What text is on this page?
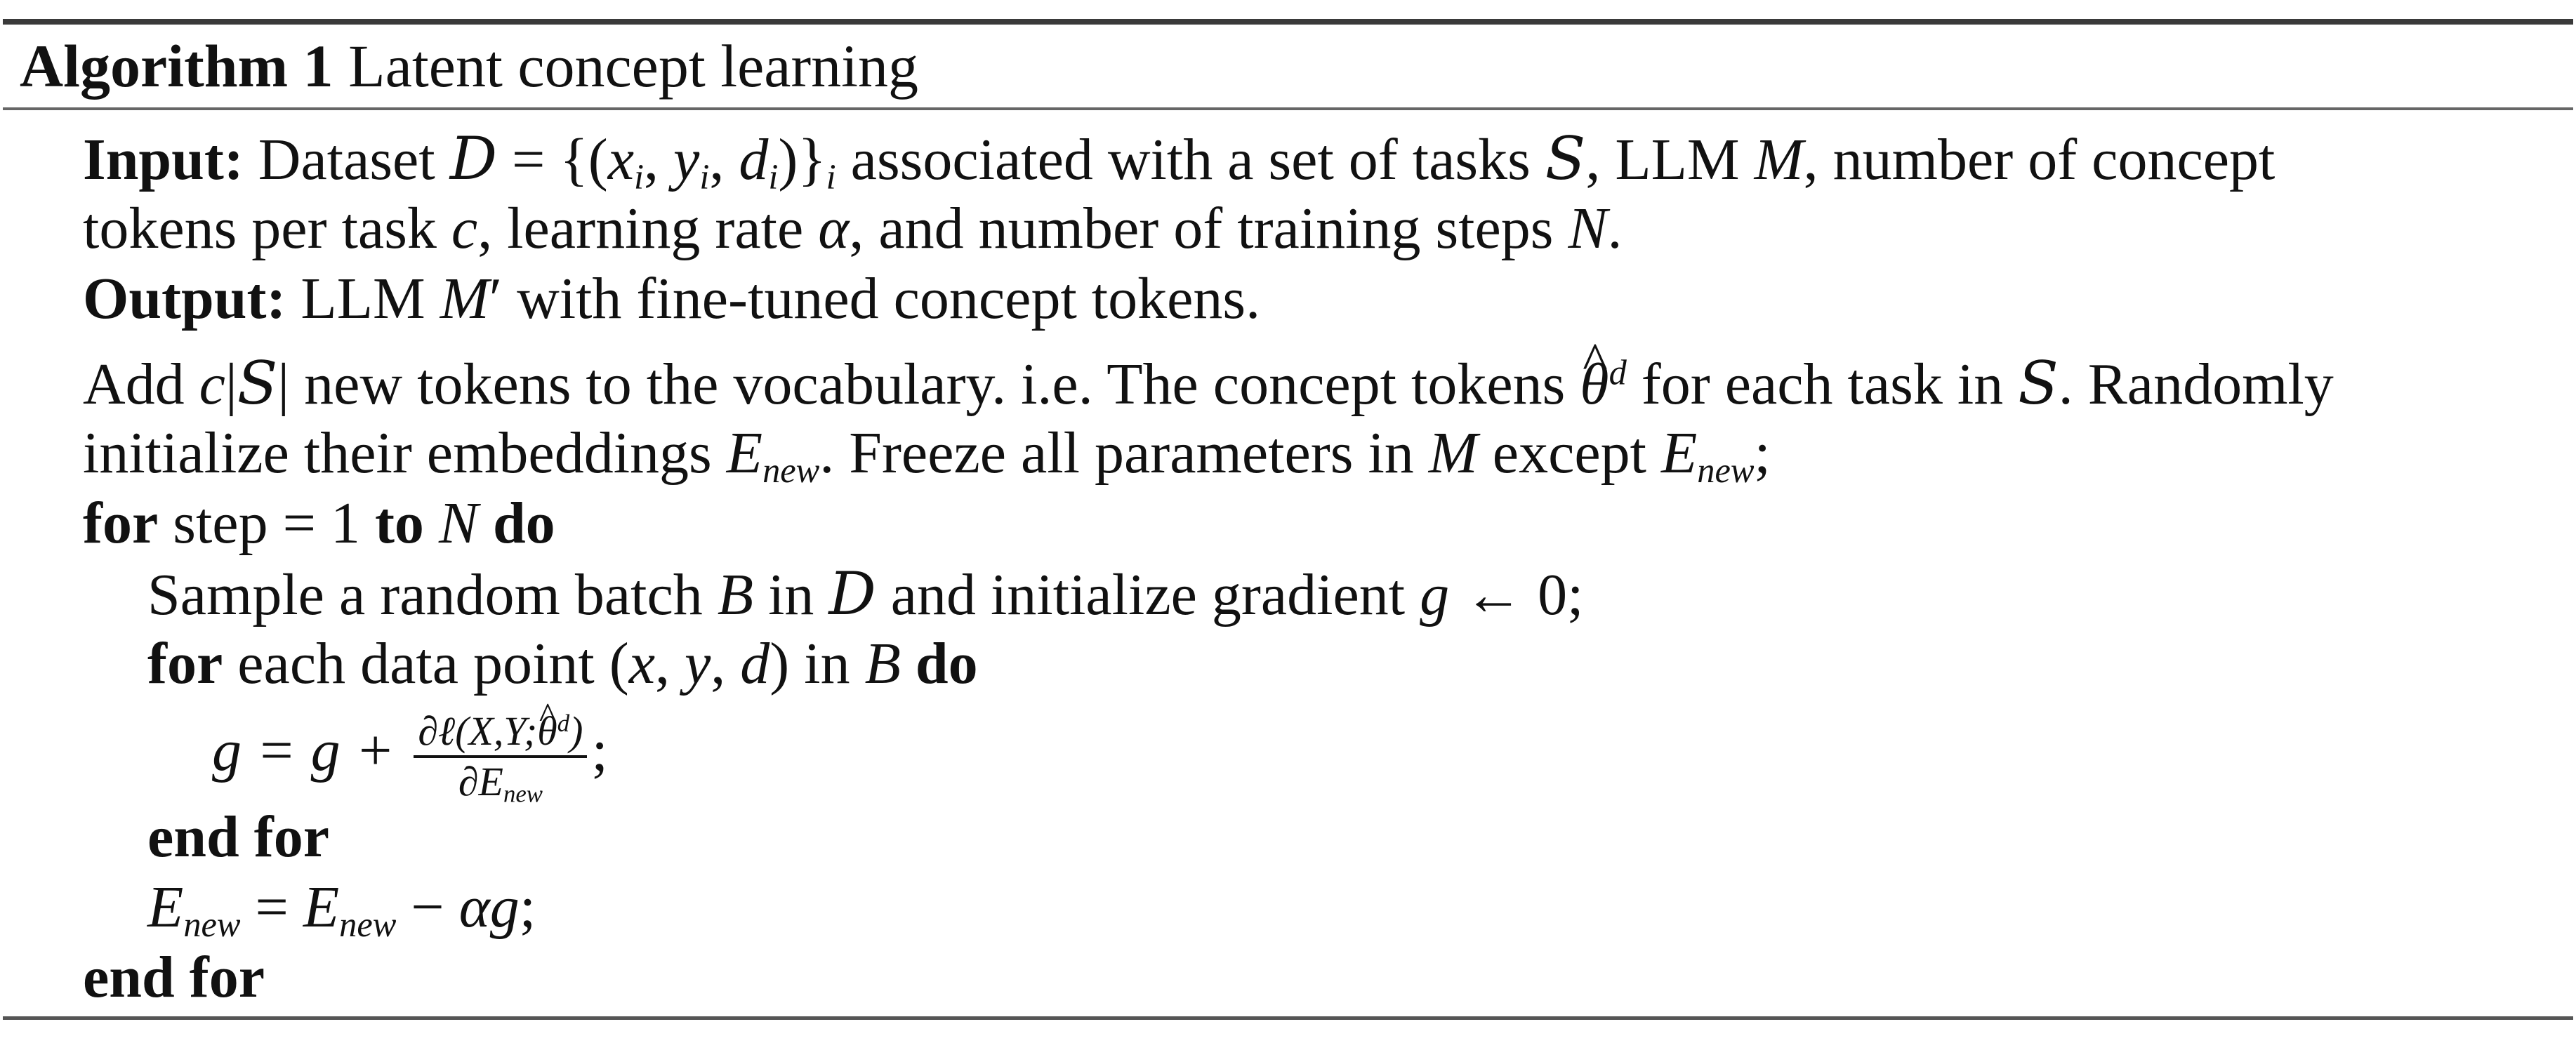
Algorithm 1 Latent concept learning
Input: Dataset $D = \{(x_i$, $y_i$, $d_i)\}_i$ associated with a set of tasks S, LLM M, number of concept
tokens per task c, learning rate α, and number of training steps N.
Output: LLM M′ with fine-tuned concept tokens.
Add c|S| new tokens to the vocabulary. i.e. The concept tokens ^ $\theta^d$ for each task in S. Randomly
initialize their embeddings $E_{new}$. Freeze all parameters in M except $E_{new}$;
for step = 1 to N do
Sample a random batch B in D and initialize gradient g ← 0;
for each data point (x, y, d) in B do
$g = g + \frac{\partial\ell(X,Y;\^{} \theta^d)}{\partial E_{new}}$ ;
end for
$E_{new} = E_{new} - \alpha g$;
end for
